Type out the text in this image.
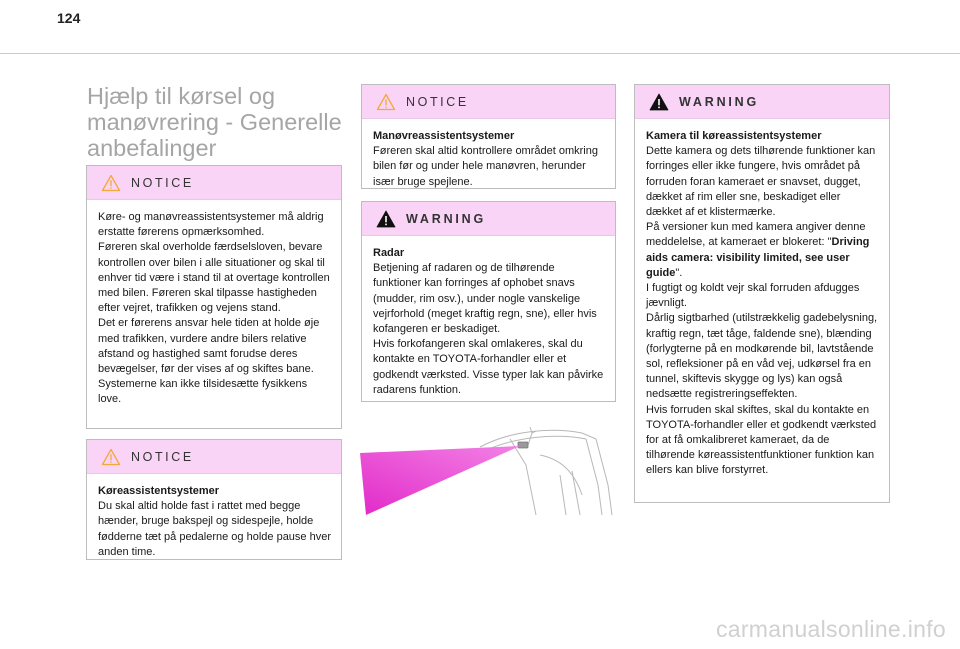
124
Hjælp til kørsel og manøvrering - Generelle anbefalinger
NOTICE

Køre- og manøvreassistentsystemer må aldrig erstatte førerens opmærksomhed.

Føreren skal overholde færdselsloven, bevare kontrollen over bilen i alle situationer og skal til enhver tid være i stand til at overtage kontrollen med bilen. Føreren skal tilpasse hastigheden efter vejret, trafikken og vejens stand.

Det er førerens ansvar hele tiden at holde øje med trafikken, vurdere andre bilers relative afstand og hastighed samt forudse deres bevægelser, før der vises af og skiftes bane.

Systemerne kan ikke tilsidesætte fysikkens love.

NOTICE

Køreassistentsystemer

Du skal altid holde fast i rattet med begge hænder, bruge bakspejl og sidespejle, holde fødderne tæt på pedalerne og holde pause hver anden time.

NOTICE

Manøvreassistentsystemer

Føreren skal altid kontrollere området omkring bilen før og under hele manøvren, herunder især bruge spejlene.

WARNING

Radar

Betjening af radaren og de tilhørende funktioner kan forringes af ophobet snavs (mudder, rim osv.), under nogle vanskelige vejrforhold (meget kraftig regn, sne), eller hvis kofangeren er beskadiget.

Hvis forkofangeren skal omlakeres, skal du kontakte en TOYOTA-forhandler eller et godkendt værksted. Visse typer lak kan påvirke radarens funktion.

WARNING

Kamera til køreassistentsystemer

Dette kamera og dets tilhørende funktioner kan forringes eller ikke fungere, hvis området på forruden foran kameraet er snavset, dugget, dækket af rim eller sne, beskadiget eller dækket af et klistermærke.

På versioner kun med kamera angiver denne meddelelse, at kameraet er blokeret: "Driving aids camera: visibility limited, see user guide".

I fugtigt og koldt vejr skal forruden afdugges jævnligt.

Dårlig sigtbarhed (utilstrækkelig gadebelysning, kraftig regn, tæt tåge, faldende sne), blænding (forlygterne på en modkørende bil, lavtstående sol, refleksioner på en våd vej, udkørsel fra en tunnel, skiftevis skygge og lys) kan også nedsætte registreringseffekten.

Hvis forruden skal skiftes, skal du kontakte en TOYOTA-forhandler eller et godkendt værksted for at få omkalibreret kameraet, da de tilhørende køreassistentfunktioner funktion kan ellers kan blive forstyrret.

carmanualsonline.info
